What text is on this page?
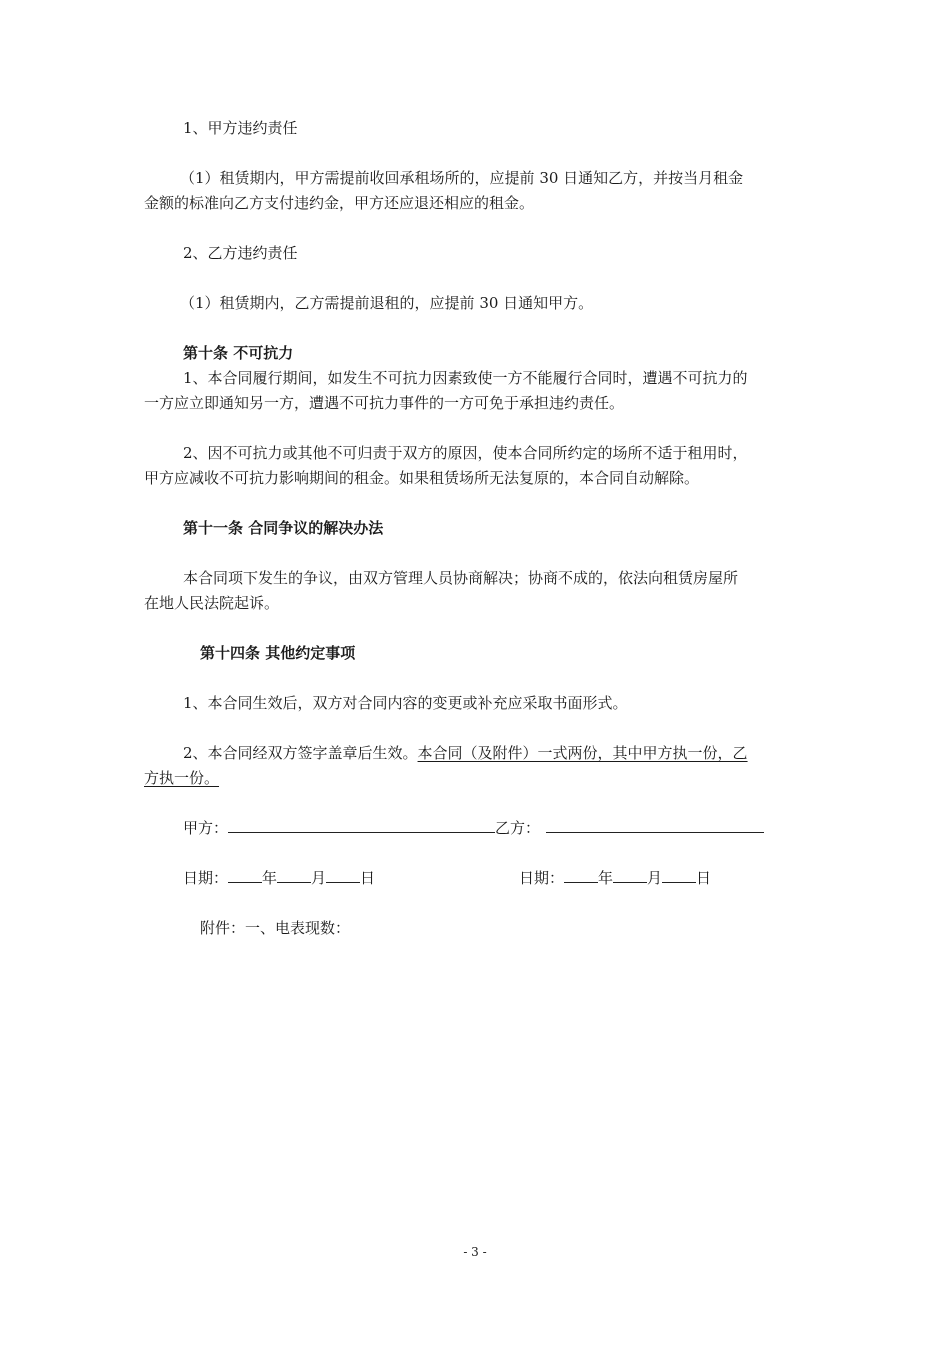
1、甲方违约责任

（1）租赁期内，甲方需提前收回承租场所的，应提前 30 日通知乙方，并按当月租金

金额的标准向乙方支付违约金，甲方还应退还相应的租金。

2、乙方违约责任

（1）租赁期内，乙方需提前退租的，应提前 30 日通知甲方。

第十条 不可抗力

1、本合同履行期间，如发生不可抗力因素致使一方不能履行合同时，遭遇不可抗力的

一方应立即通知另一方，遭遇不可抗力事件的一方可免于承担违约责任。

2、因不可抗力或其他不可归责于双方的原因，使本合同所约定的场所不适于租用时，

甲方应减收不可抗力影响期间的租金。如果租赁场所无法复原的，本合同自动解除。

第十一条 合同争议的解决办法

本合同项下发生的争议，由双方管理人员协商解决；协商不成的，依法向租赁房屋所

在地人民法院起诉。

第十四条 其他约定事项

1、本合同生效后，双方对合同内容的变更或补充应采取书面形式。

2、本合同经双方签字盖章后生效。本合同（及附件）一式两份，其中甲方执一份，乙

方执一份。

甲方：	乙方：

日期： 年 月 日	日期： 年 月 日

附件：一、电表现数：

- 3 -
